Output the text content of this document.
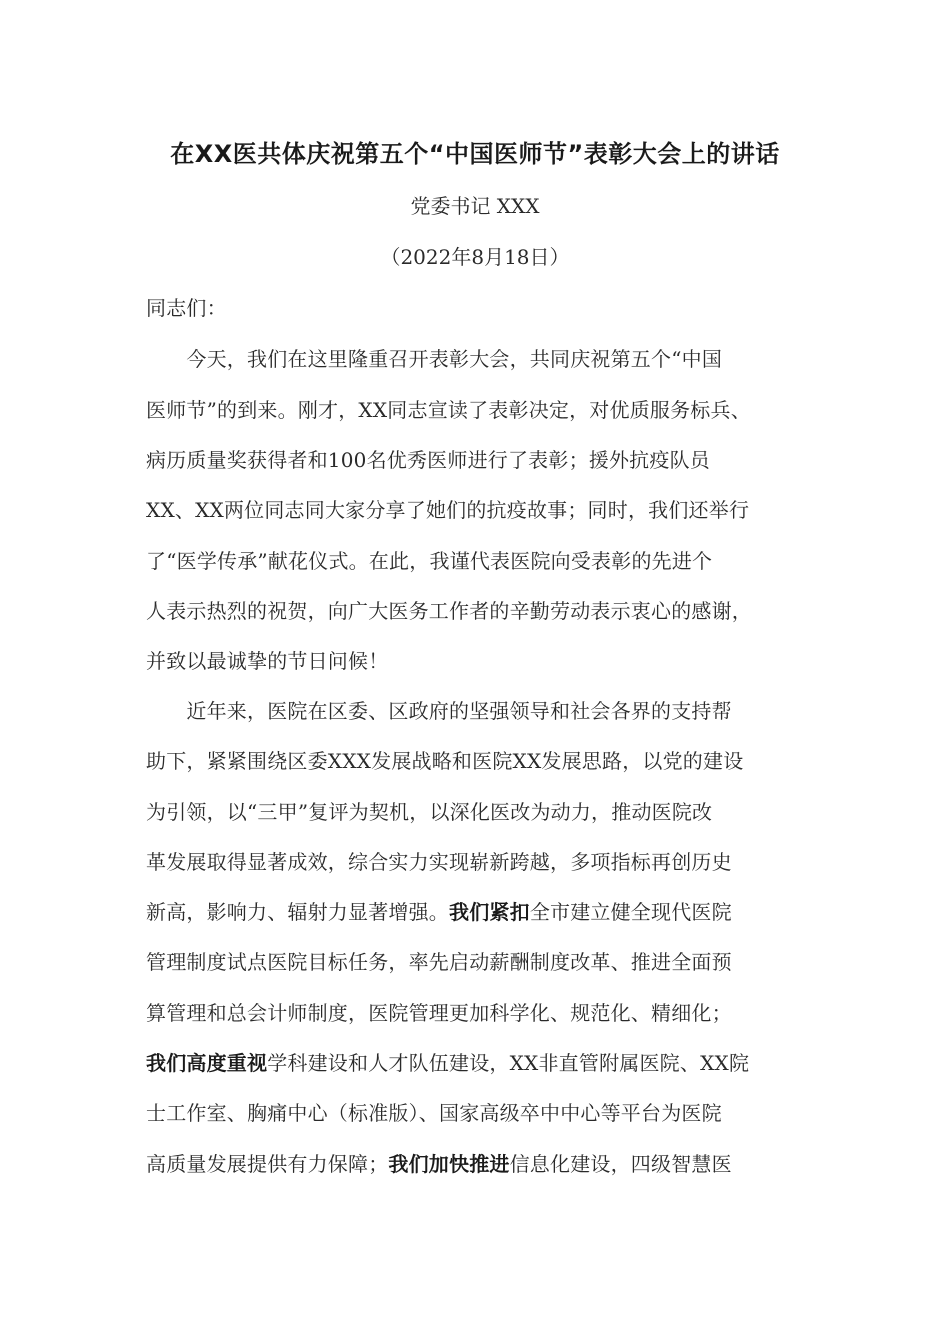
在XX医共体庆祝第五个“中国医师节”表彰大会上的讲话
党委书记 XXX
（2022年8月18日）
同志们：
　　今天，我们在这里隆重召开表彰大会，共同庆祝第五个“中国
医师节”的到来。刚才，XX同志宣读了表彰决定，对优质服务标兵、
病历质量奖获得者和100名优秀医师进行了表彰；援外抗疫队员
XX、XX两位同志同大家分享了她们的抗疫故事；同时，我们还举行
了“医学传承”献花仪式。在此，我谨代表医院向受表彰的先进个
人表示热烈的祝贺，向广大医务工作者的辛勤劳动表示衷心的感谢，
并致以最诚挚的节日问候！
　　近年来，医院在区委、区政府的坚强领导和社会各界的支持帮
助下，紧紧围绕区委XXX发展战略和医院XX发展思路，以党的建设
为引领，以“三甲”复评为契机，以深化医改为动力，推动医院改
革发展取得显著成效，综合实力实现崭新跨越，多项指标再创历史
新高，影响力、辐射力显著增强。我们紧扣全市建立健全现代医院
管理制度试点医院目标任务，率先启动薪酬制度改革、推进全面预
算管理和总会计师制度，医院管理更加科学化、规范化、精细化；
我们高度重视学科建设和人才队伍建设，XX非直管附属医院、XX院
士工作室、胸痛中心（标准版）、国家高级卒中中心等平台为医院
高质量发展提供有力保障；我们加快推进信息化建设，四级智慧医
